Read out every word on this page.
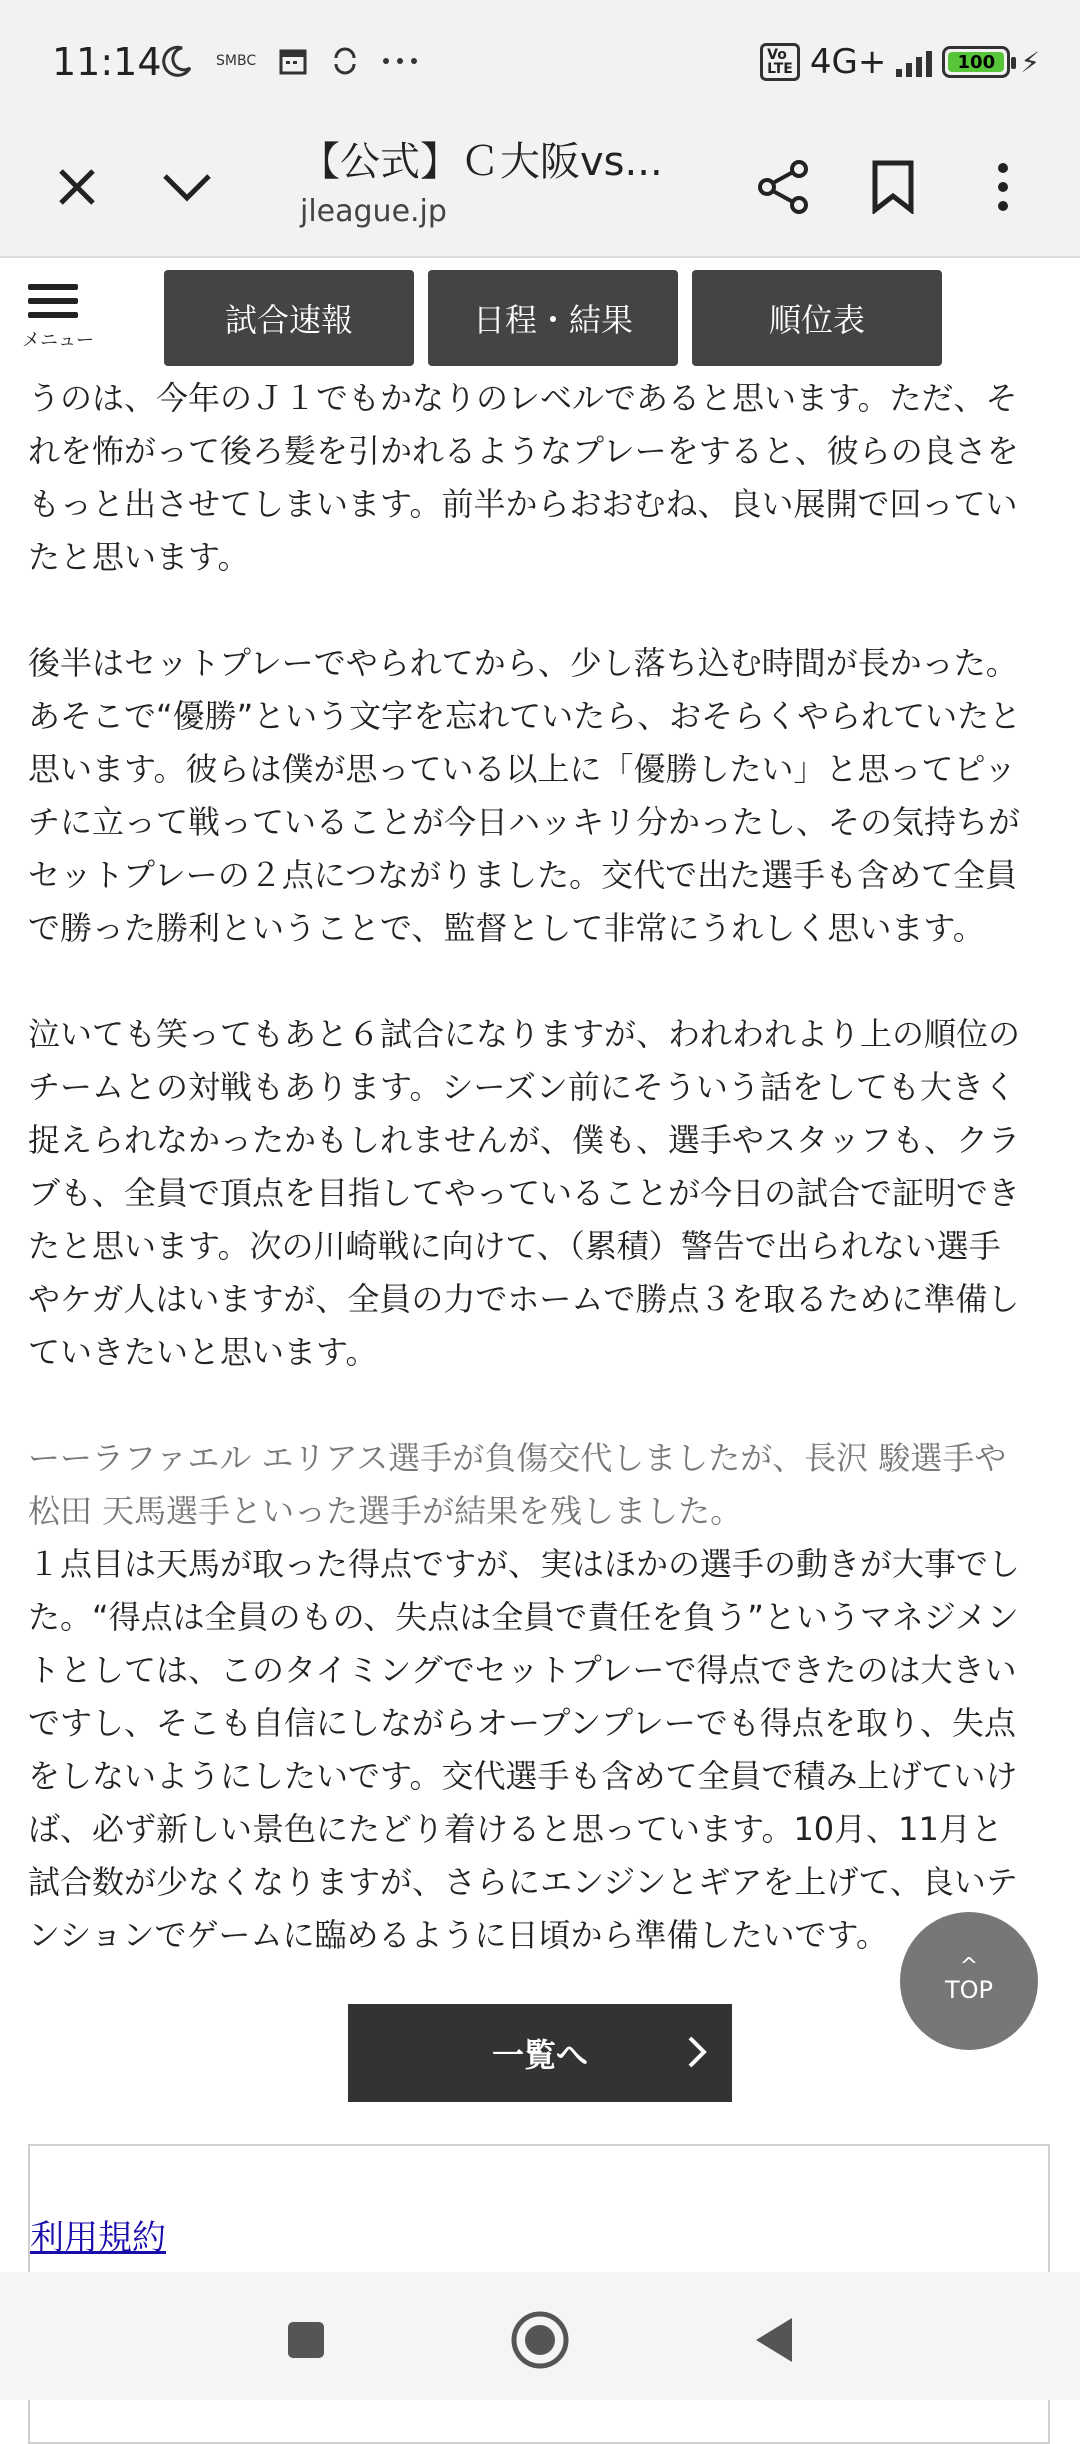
11:14	SMBC	Vo
LTE 4G+	100 ⚡
【公式】Ｃ大阪vs...
jleague.jp
メニュー
試合速報	日程・結果	順位表

うのは、今年のＪ１でもかなりのレベルであると思います。ただ、そ
れを怖がって後ろ髪を引かれるようなプレーをすると、彼らの良さを
もっと出させてしまいます。前半からおおむね、良い展開で回ってい
たと思います。

後半はセットプレーでやられてから、少し落ち込む時間が長かった。
あそこで“優勝”という文字を忘れていたら、おそらくやられていたと
思います。彼らは僕が思っている以上に「優勝したい」と思ってピッ
チに立って戦っていることが今日ハッキリ分かったし、その気持ちが
セットプレーの２点につながりました。交代で出た選手も含めて全員
で勝った勝利ということで、監督として非常にうれしく思います。

泣いても笑ってもあと６試合になりますが、われわれより上の順位の
チームとの対戦もあります。シーズン前にそういう話をしても大きく
捉えられなかったかもしれませんが、僕も、選手やスタッフも、クラ
ブも、全員で頂点を目指してやっていることが今日の試合で証明でき
たと思います。次の川崎戦に向けて、（累積）警告で出られない選手
やケガ人はいますが、全員の力でホームで勝点３を取るために準備し
ていきたいと思います。

ーーラファエル エリアス選手が負傷交代しましたが、長沢 駿選手や
松田 天馬選手といった選手が結果を残しました。

１点目は天馬が取った得点ですが、実はほかの選手の動きが大事でし
た。“得点は全員のもの、失点は全員で責任を負う”というマネジメン
トとしては、このタイミングでセットプレーで得点できたのは大きい
ですし、そこも自信にしながらオープンプレーでも得点を取り、失点
をしないようにしたいです。交代選手も含めて全員で積み上げていけ
ば、必ず新しい景色にたどり着けると思っています。10月、11月と
試合数が少なくなりますが、さらにエンジンとギアを上げて、良いテ
ンションでゲームに臨めるように日頃から準備したいです。

^
TOP
一覧へ
利用規約
